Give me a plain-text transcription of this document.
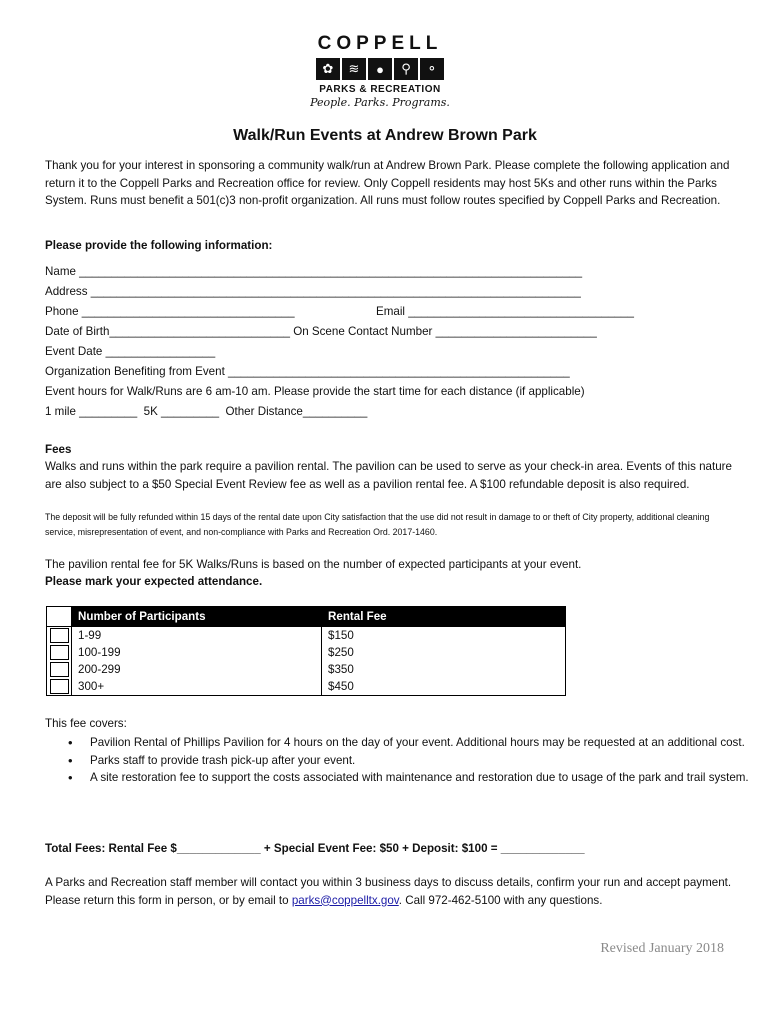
COPPELL
✿	≋	●	⚲	⚬
PARKS & RECREATION
People. Parks. Programs.
Walk/Run Events at Andrew Brown Park
Thank you for your interest in sponsoring a community walk/run at Andrew Brown Park. Please complete the following application and return it to the Coppell Parks and Recreation office for review. Only Coppell residents may host 5Ks and other runs within the Parks System. Runs must benefit a 501(c)3 non-profit organization. All runs must follow routes specified by Coppell Parks and Recreation.
Please provide the following information:
Name ______________________________________________________________________________
Address ____________________________________________________________________________
Phone _________________________________	Email ___________________________________
Date of Birth____________________________ On Scene Contact Number _________________________
Event Date _________________
Organization Benefiting from Event _____________________________________________________
Event hours for Walk/Runs are 6 am-10 am. Please provide the start time for each distance (if applicable)
1 mile _________  5K _________  Other Distance__________
Fees
Walks and runs within the park require a pavilion rental. The pavilion can be used to serve as your check-in area. Events of this nature are also subject to a $50 Special Event Review fee as well as a pavilion rental fee. A $100 refundable deposit is also required.
The deposit will be fully refunded within 15 days of the rental date upon City satisfaction that the use did not result in damage to or theft of City property, additional cleaning service, misrepresentation of event, and non-compliance with Parks and Recreation Ord. 2017-1460.
The pavilion rental fee for 5K Walks/Runs is based on the number of expected participants at your event.
Please mark your expected attendance.
	Number of Participants	Rental Fee
	1-99	$150
	100-199	$250
	200-299	$350
	300+	$450
This fee covers:
• Pavilion Rental of Phillips Pavilion for 4 hours on the day of your event. Additional hours may be requested at an additional cost.
• Parks staff to provide trash pick-up after your event.
• A site restoration fee to support the costs associated with maintenance and restoration due to usage of the park and trail system.
Total Fees: Rental Fee $_____________ + Special Event Fee: $50 + Deposit: $100 = _____________
A Parks and Recreation staff member will contact you within 3 business days to discuss details, confirm your run and accept payment. Please return this form in person, or by email to parks@coppelltx.gov. Call 972-462-5100 with any questions.
Revised January 2018
